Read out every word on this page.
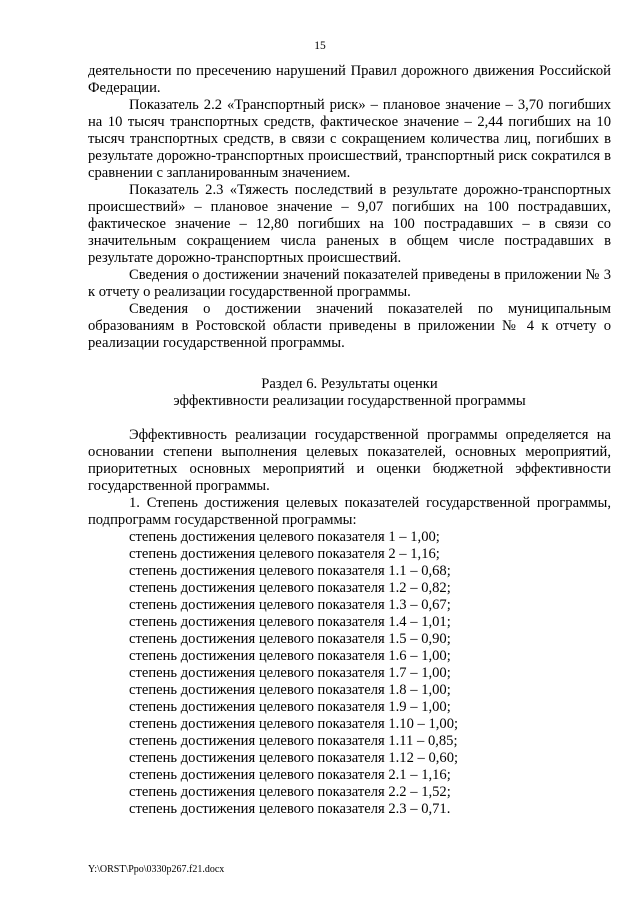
15

деятельности по пресечению нарушений Правил дорожного движения Российской Федерации.

Показатель 2.2 «Транспортный риск» – плановое значение – 3,70 погибших на 10 тысяч транспортных средств, фактическое значение – 2,44 погибших на 10 тысяч транспортных средств, в связи с сокращением количества лиц, погибших в результате дорожно-транспортных происшествий, транспортный риск сократился в сравнении с запланированным значением.

Показатель 2.3 «Тяжесть последствий в результате дорожно-транспортных происшествий» – плановое значение – 9,07 погибших на 100 пострадавших, фактическое значение – 12,80 погибших на 100 пострадавших – в связи со значительным сокращением числа раненых в общем числе пострадавших в результате дорожно-транспортных происшествий.

Сведения о достижении значений показателей приведены в приложении № 3 к отчету о реализации государственной программы.

Сведения о достижении значений показателей по муниципальным образованиям в Ростовской области приведены в приложении № 4 к отчету о реализации государственной программы.

Раздел 6. Результаты оценки
эффективности реализации государственной программы

Эффективность реализации государственной программы определяется на основании степени выполнения целевых показателей, основных мероприятий, приоритетных основных мероприятий и оценки бюджетной эффективности государственной программы.

1. Степень достижения целевых показателей государственной программы, подпрограмм государственной программы:

степень достижения целевого показателя 1 – 1,00;
степень достижения целевого показателя 2 – 1,16;
степень достижения целевого показателя 1.1 – 0,68;
степень достижения целевого показателя 1.2 – 0,82;
степень достижения целевого показателя 1.3 – 0,67;
степень достижения целевого показателя 1.4 – 1,01;
степень достижения целевого показателя 1.5 – 0,90;
степень достижения целевого показателя 1.6 – 1,00;
степень достижения целевого показателя 1.7 – 1,00;
степень достижения целевого показателя 1.8 – 1,00;
степень достижения целевого показателя 1.9 – 1,00;
степень достижения целевого показателя 1.10 – 1,00;
степень достижения целевого показателя 1.11 – 0,85;
степень достижения целевого показателя 1.12 – 0,60;
степень достижения целевого показателя 2.1 – 1,16;
степень достижения целевого показателя 2.2 – 1,52;
степень достижения целевого показателя 2.3 – 0,71.
Y:\ORST\Ppo\0330p267.f21.docx
